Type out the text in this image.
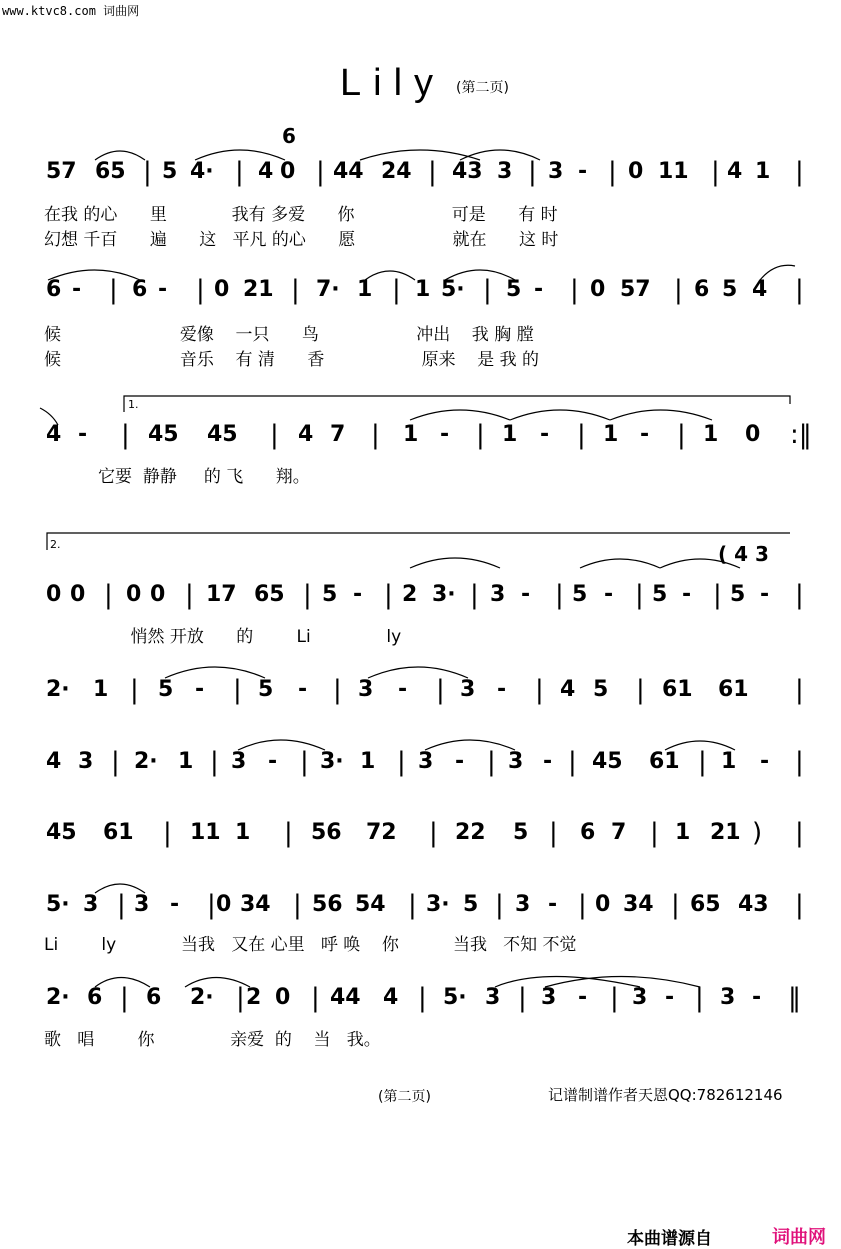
www.ktvc8.com 词曲网
Lily (第二页)
57 65 | 5 4· | 4 0 | 44 24 | 43 3 | 3 - | 0 11 | 4 1 |
6 - | 6 - | 0 21 | 7· 1 | 1 5· | 5 - | 0 57 | 6 5 4 |
4 - | 45 45 | 4 7 | 1 - | 1 - | 1 - | 1 0 :‖
0 0 | 0 0 | 17 65 | 5 - | 2 3· | 3 - | 5 - | 5 - | 5 - |
2· 1 | 5 - | 5 - | 3 - | 3 - | 4 5 | 61 61 |
4 3 | 2· 1 | 3 - | 3· 1 | 3 - | 3 - | 45 61 | 1 - |
45 61 | 11 1 | 56 72 | 22 5 | 6 7 | 1 21 ) |
5· 3 | 3 - | 0 34 | 56 54 | 3· 5 | 3 - | 0 34 | 65 43 |
2· 6 | 6 2· | 2 0 | 44 4 | 5· 3 | 3 - | 3 - | 3 - ‖
6
( 4 3
1.
2.
在我 的心      里            我有 多爱      你                  可是      有 时
幻想 千百      遍      这   平凡 的心      愿                  就在      这 时
候                      爱像    一只      鸟                  冲出    我 胸 膛
候                      音乐    有 清      香                  原来    是 我 的
它要  静静     的 飞      翔。
悄然 开放      的        Li              ly
Li        ly            当我   又在 心里   呼 唤    你          当我   不知 不觉
歌   唱        你              亲爱  的    当   我。
(第二页)	记谱制谱作者天恩QQ:782612146
本曲谱源自	词曲网
